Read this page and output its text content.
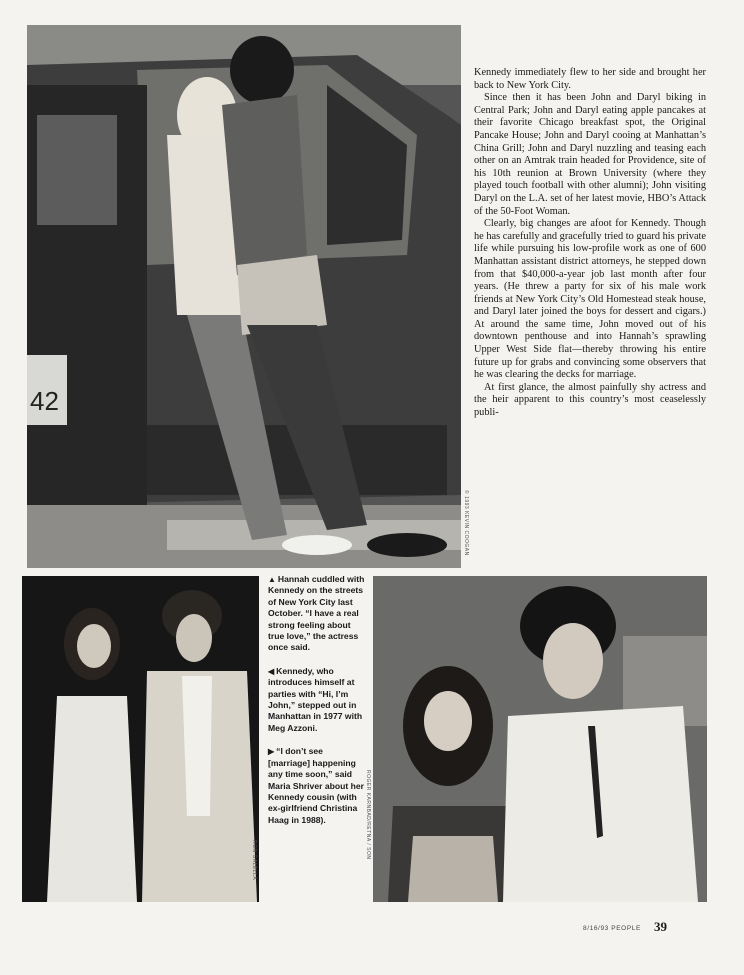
42
© 1993 KEVIN COOGAN

Kennedy immediately flew to her side and brought her back to New York City.

Since then it has been John and Daryl biking in Central Park; John and Daryl eating apple pancakes at their favorite Chicago breakfast spot, the Original Pancake House; John and Daryl cooing at Manhattan’s China Grill; John and Daryl nuzzling and teasing each other on an Amtrak train headed for Providence, site of his 10th reunion at Brown University (where they played touch football with other alumni); John visiting Daryl on the L.A. set of her latest movie, HBO’s Attack of the 50-Foot Woman.

Clearly, big changes are afoot for Kennedy. Though he has carefully and gracefully tried to guard his private life while pursuing his low-profile work as one of 600 Manhattan assistant district attorneys, he stepped down from that $40,000-a-year job last month after four years. (He threw a party for six of his male work friends at New York City’s Old Homestead steak house, and Daryl later joined the boys for dessert and cigars.) At around the same time, John moved out of his downtown penthouse and into Hannah’s sprawling Upper West Side flat—thereby throwing his entire future up for grabs and convincing some observers that he was clearing the decks for marriage.

At first glance, the almost painfully shy actress and the heir apparent to this country’s most ceaselessly publi-

RON GALELLA

▲ Hannah cuddled with Kennedy on the streets of New York City last October. “I have a real strong feeling about true love,” the actress once said.

◀ Kennedy, who introduces himself at parties with “Hi, I’m John,” stepped out in Manhattan in 1977 with Meg Azzoni.

▶ “I don’t see [marriage] happening any time soon,” said Maria Shriver about her Kennedy cousin (with ex-girlfriend Christina Haag in 1988).	ROGER KARNBAD/RETNA / SON
8/16/93 PEOPLE 39
